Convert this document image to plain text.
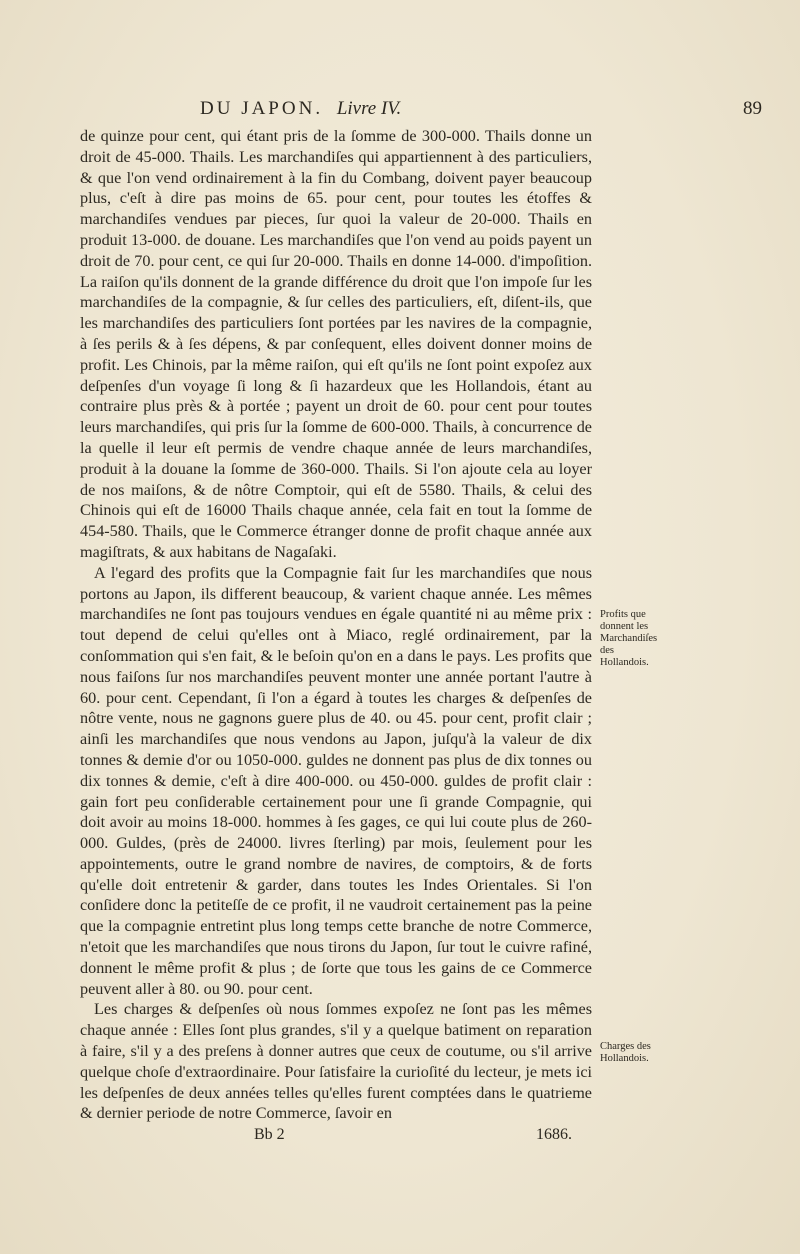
DU JAPON. Livre IV.	89

de quinze pour cent, qui étant pris de la ſomme de 300-000. Thails donne un droit de 45-000. Thails. Les marchandiſes qui appartiennent à des particuliers, & que l'on vend ordinairement à la fin du Combang, doivent payer beaucoup plus, c'eſt à dire pas moins de 65. pour cent, pour toutes les étoffes & marchandiſes vendues par pieces, ſur quoi la valeur de 20-000. Thails en produit 13-000. de douane. Les marchandiſes que l'on vend au poids payent un droit de 70. pour cent, ce qui ſur 20-000. Thails en donne 14-000. d'impoſition. La raiſon qu'ils donnent de la grande différence du droit que l'on impoſe ſur les marchandiſes de la compagnie, & ſur celles des particuliers, eſt, diſent-ils, que les marchandiſes des particuliers ſont portées par les navires de la compagnie, à ſes perils & à ſes dépens, & par conſequent, elles doivent donner moins de profit. Les Chinois, par la même raiſon, qui eſt qu'ils ne ſont point expoſez aux deſpenſes d'un voyage ſi long & ſi hazardeux que les Hollandois, étant au contraire plus près & à portée ; payent un droit de 60. pour cent pour toutes leurs marchandiſes, qui pris ſur la ſomme de 600-000. Thails, à concurrence de la quelle il leur eſt permis de vendre chaque année de leurs marchandiſes, produit à la douane la ſomme de 360-000. Thails. Si l'on ajoute cela au loyer de nos maiſons, & de nôtre Comptoir, qui eſt de 5580. Thails, & celui des Chinois qui eſt de 16000 Thails chaque année, cela fait en tout la ſomme de 454-580. Thails, que le Commerce étranger donne de profit chaque année aux magiſtrats, & aux habitans de Nagaſaki.

A l'egard des profits que la Compagnie fait ſur les marchandiſes que nous portons au Japon, ils different beaucoup, & varient chaque année. Les mêmes marchandiſes ne ſont pas toujours vendues en égale quantité ni au même prix : tout depend de celui qu'elles ont à Miaco, reglé ordinairement, par la conſommation qui s'en fait, & le beſoin qu'on en a dans le pays. Les profits que nous faiſons ſur nos marchandiſes peuvent monter une année portant l'autre à 60. pour cent. Cependant, ſi l'on a égard à toutes les charges & deſpenſes de nôtre vente, nous ne gagnons guere plus de 40. ou 45. pour cent, profit clair ; ainſi les marchandiſes que nous vendons au Japon, juſqu'à la valeur de dix tonnes & demie d'or ou 1050-000. guldes ne donnent pas plus de dix tonnes ou dix tonnes & demie, c'eſt à dire 400-000. ou 450-000. guldes de profit clair : gain fort peu conſiderable certainement pour une ſi grande Compagnie, qui doit avoir au moins 18-000. hommes à ſes gages, ce qui lui coute plus de 260-000. Guldes, (près de 24000. livres ſterling) par mois, ſeulement pour les appointements, outre le grand nombre de navires, de comptoirs, & de forts qu'elle doit entretenir & garder, dans toutes les Indes Orientales. Si l'on conſidere donc la petiteſſe de ce profit, il ne vaudroit certainement pas la peine que la compagnie entretint plus long temps cette branche de notre Commerce, n'etoit que les marchandiſes que nous tirons du Japon, ſur tout le cuivre rafiné, donnent le même profit & plus ; de ſorte que tous les gains de ce Commerce peuvent aller à 80. ou 90. pour cent.

Les charges & deſpenſes où nous ſommes expoſez ne ſont pas les mêmes chaque année : Elles ſont plus grandes, s'il y a quelque batiment on reparation à faire, s'il y a des preſens à donner autres que ceux de coutume, ou s'il arrive quelque choſe d'extraordinaire. Pour ſatisfaire la curioſité du lecteur, je mets ici les deſpenſes de deux années telles qu'elles furent comptées dans le quatrieme & dernier periode de notre Commerce, ſavoir en

Profits que donnent les Marchandiſes des Hollandois.
Charges des Hollandois.
Bb 2	1686.
